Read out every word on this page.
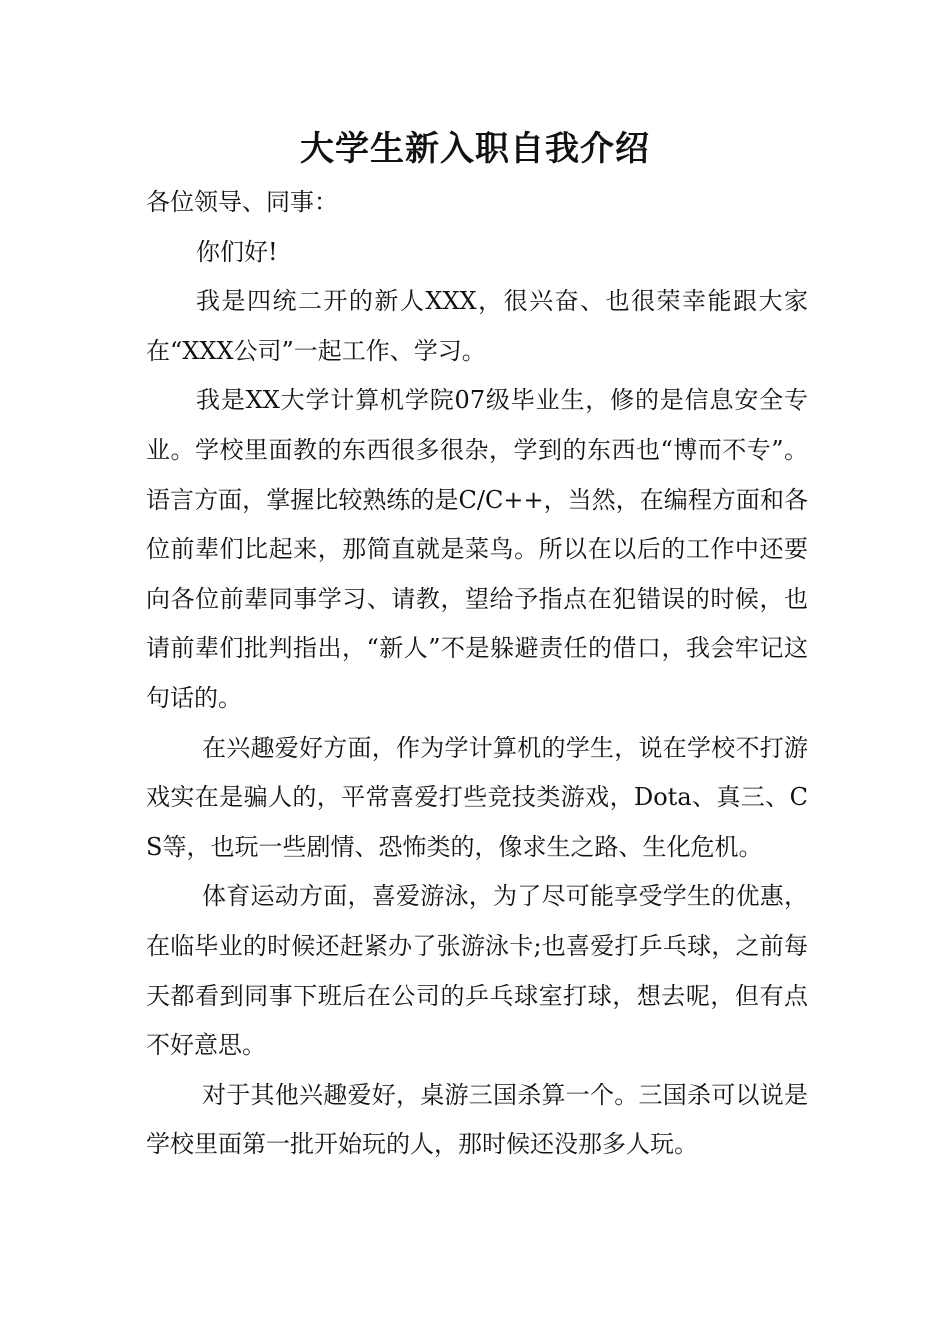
大学生新入职自我介绍

各位领导、同事：

你们好!

我是四统二开的新人XXX，很兴奋、也很荣幸能跟大家在“XXX公司”一起工作、学习。

我是XX大学计算机学院07级毕业生，修的是信息安全专业。学校里面教的东西很多很杂，学到的东西也“博而不专”。语言方面，掌握比较熟练的是C/C++，当然，在编程方面和各位前辈们比起来，那简直就是菜鸟。所以在以后的工作中还要向各位前辈同事学习、请教，望给予指点在犯错误的时候，也请前辈们批判指出，“新人”不是躲避责任的借口，我会牢记这句话的。

在兴趣爱好方面，作为学计算机的学生，说在学校不打游戏实在是骗人的，平常喜爱打些竞技类游戏，Dota、真三、CS等，也玩一些剧情、恐怖类的，像求生之路、生化危机。

体育运动方面，喜爱游泳，为了尽可能享受学生的优惠，在临毕业的时候还赶紧办了张游泳卡;也喜爱打乒乓球，之前每天都看到同事下班后在公司的乒乓球室打球，想去呢，但有点不好意思。

对于其他兴趣爱好，桌游三国杀算一个。三国杀可以说是学校里面第一批开始玩的人，那时候还没那多人玩。
